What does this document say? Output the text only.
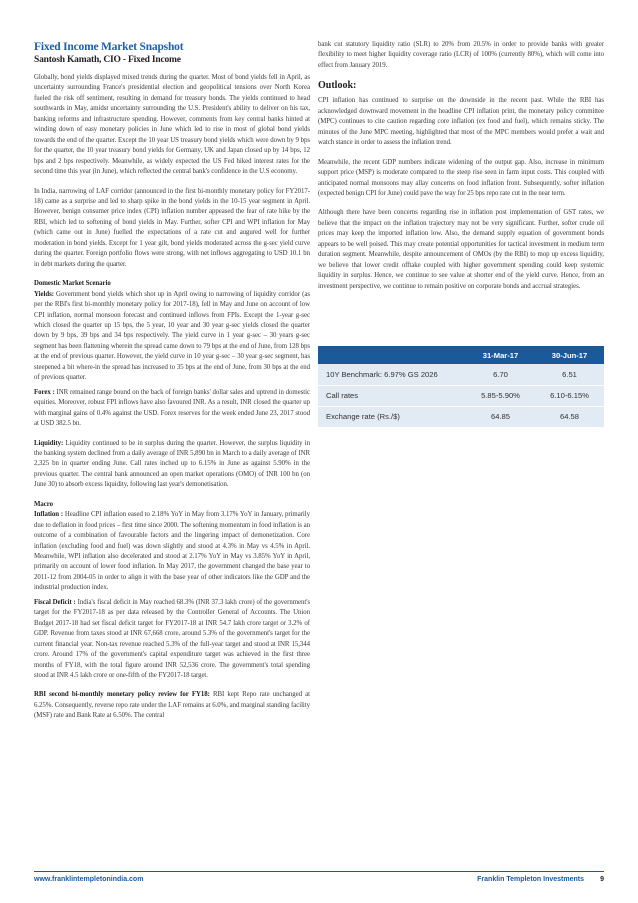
Fixed Income Market Snapshot
Santosh Kamath, CIO - Fixed Income

Globally, bond yields displayed mixed trends during the quarter. Most of bond yields fell in April, as uncertainty surrounding France's presidential election and geopolitical tensions over North Korea fueled the risk off sentiment, resulting in demand for treasury bonds. The yields continued to head southwards in May, amidst uncertainty surrounding the U.S. President's ability to deliver on his tax, banking reforms and infrastructure spending. However, comments from key central banks hinted at winding down of easy monetary policies in June which led to rise in most of global bond yields towards the end of the quarter. Except the 10 year US treasury bond yields which were down by 9 bps for the quarter, the 10 year treasury bond yields for Germany, UK and Japan closed up by 14 bps, 12 bps and 2 bps respectively. Meanwhile, as widely expected the US Fed hiked interest rates for the second time this year (in June), which reflected the central bank's confidence in the U.S economy.

In India, narrowing of LAF corridor (announced in the first bi-monthly monetary policy for FY2017-18) came as a surprise and led to sharp spike in the bond yields in the 10-15 year segment in April. However, benign consumer price index (CPI) inflation number appeased the fear of rate hike by the RBI, which led to softening of bond yields in May. Further, softer CPI and WPI inflation for May (which came out in June) fuelled the expectations of a rate cut and augured well for further moderation in bond yields. Except for 1 year gilt, bond yields moderated across the g-sec yield curve during the quarter. Foreign portfolio flows were strong, with net inflows aggregating to USD 10.1 bn in debt markets during the quarter.

Domestic Market Scenario
Yields: Government bond yields which shot up in April owing to narrowing of liquidity corridor (as per the RBI's first bi-monthly monetary policy for 2017-18), fell in May and June on account of low CPI inflation, normal monsoon forecast and continued inflows from FPIs. Except the 1-year g-sec which closed the quarter up 15 bps, the 5 year, 10 year and 30 year g-sec yields closed the quarter down by 9 bps, 39 bps and 34 bps respectively. The yield curve in 1 year g-sec – 30 years g-sec segment has been flattening wherein the spread came down to 79 bps at the end of June, from 128 bps at the end of previous quarter. However, the yield curve in 10 year g-sec – 30 year g-sec segment, has steepened a bit where-in the spread has increased to 35 bps at the end of June, from 30 bps at the end of previous quarter.

Forex : INR remained range bound on the back of foreign banks' dollar sales and uptrend in domestic equities. Moreover, robust FPI inflows have also favoured INR. As a result, INR closed the quarter up with marginal gains of 0.4% against the USD. Forex reserves for the week ended June 23, 2017 stood at USD 382.5 bn.

Liquidity: Liquidity continued to be in surplus during the quarter. However, the surplus liquidity in the banking system declined from a daily average of INR 5,890 bn in March to a daily average of INR 2,325 bn in quarter ending June. Call rates inched up to 6.15% in June as against 5.90% in the previous quarter. The central bank announced an open market operations (OMO) of INR 100 bn (on June 30) to absorb excess liquidity, following last year's demonetisation.

Macro
Inflation : Headline CPI inflation eased to 2.18% YoY in May from 3.17% YoY in January, primarily due to deflation in food prices – first time since 2000. The softening momentum in food inflation is an outcome of a combination of favourable factors and the lingering impact of demonetization. Core inflation (excluding food and fuel) was down slightly and stood at 4.3% in May vs 4.5% in April. Meanwhile, WPI inflation also decelerated and stood at 2.17% YoY in May vs 3.85% YoY in April, primarily on account of lower food inflation. In May 2017, the government changed the base year to 2011-12 from 2004-05 in order to align it with the base year of other indicators like the GDP and the industrial production index.

Fiscal Deficit : India's fiscal deficit in May reached 68.3% (INR 37.3 lakh crore) of the government's target for the FY2017-18 as per data released by the Controller General of Accounts. The Union Budget 2017-18 had set fiscal deficit target for FY2017-18 at INR 54.7 lakh crore target or 3.2% of GDP. Revenue from taxes stood at INR 67,668 crore, around 5.3% of the government's target for the current financial year. Non-tax revenue reached 5.3% of the full-year target and stood at INR 15,344 crore. Around 17% of the government's capital expenditure target was achieved in the first three months of FY18, with the total figure around INR 52,536 crore. The government's total spending stood at INR 4.5 lakh crore or one-fifth of the FY2017-18 target.

RBI second bi-monthly monetary policy review for FY18: RBI kept Repo rate unchanged at 6.25%. Consequently, reverse repo rate under the LAF remains at 6.0%, and marginal standing facility (MSF) rate and Bank Rate at 6.50%. The central

bank cut statutory liquidity ratio (SLR) to 20% from 20.5% in order to provide banks with greater flexibility to meet higher liquidity coverage ratio (LCR) of 100% (currently 80%), which will come into effect from January 2019.

Outlook:

CPI inflation has continued to surprise on the downside in the recent past. While the RBI has acknowledged downward movement in the headline CPI inflation print, the monetary policy committee (MPC) continues to cite caution regarding core inflation (ex food and fuel), which remains sticky. The minutes of the June MPC meeting, highlighted that most of the MPC members would prefer a wait and watch stance in order to assess the inflation trend.

Meanwhile, the recent GDP numbers indicate widening of the output gap. Also, increase in minimum support price (MSP) is moderate compared to the steep rise seen in farm input costs. This coupled with anticipated normal monsoons may allay concerns on food inflation front. Subsequently, softer inflation (expected benign CPI for June) could pave the way for 25 bps repo rate cut in the near term.

Although there have been concerns regarding rise in inflation post implementation of GST rates, we believe that the impact on the inflation trajectory may not be very significant. Further, softer crude oil prices may keep the imported inflation low. Also, the demand supply equation of government bonds appears to be well poised. This may create potential opportunities for tactical investment in medium term duration segment. Meanwhile, despite announcement of OMOs (by the RBI) to mop up excess liquidity, we believe that lower credit offtake coupled with higher government spending could keep systemic liquidity in surplus. Hence, we continue to see value at shorter end of the yield curve. Hence, from an investment perspective, we continue to remain positive on corporate bonds and accrual strategies.

	31-Mar-17	30-Jun-17
10Y Benchmark: 6.97% GS 2026	6.70	6.51
Call rates	5.85-5.90%	6.10-6.15%
Exchange rate (Rs./$)	64.85	64.58
www.franklintempletonindia.com	Franklin Templeton Investments 9
